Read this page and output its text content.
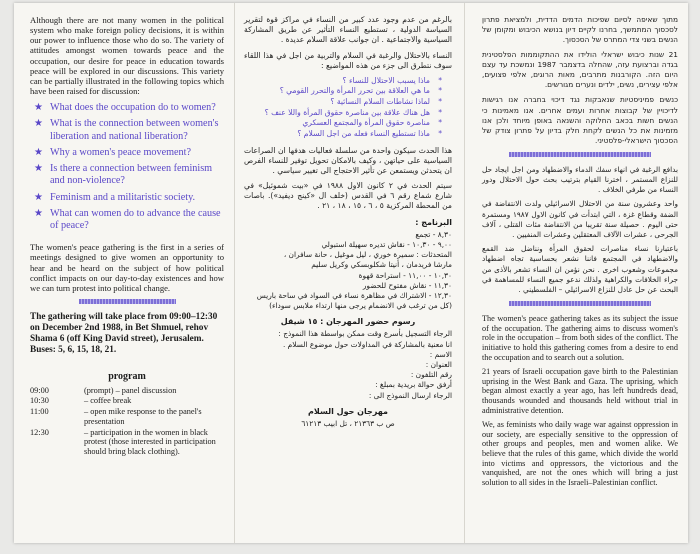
Although there are not many women in the political system who make foreign policy decisions, it is within our power to influence those who do so. The variety of attitudes amongst women towards peace and the occupation, our desire for peace in education towards peace will be explored in our discussions. This variety can be partially illustrated in the following topics which have been raised for discussion:

★ What does the occupation do to women?
★ What is the connection between women's liberation and national liberation?
★ Why a women's peace movement?
★ Is there a connection between feminism and non-violence?
★ Feminism and a militaristic society.
★ What can women do to advance the cause of peace?

The women's peace gathering is the first in a series of meetings designed to give women an opportunity to hear and be heard on the subject of how political conflict impacts on our day-to-day existences and how we can turn protest into political change.

The gathering will take place from 09:00–12:30 on December 2nd 1988, in Bet Shmuel, rehov Shama 6 (off King David street), Jerusalem. Buses: 5, 6, 15, 18, 21.

program
09:00	(prompt) – panel discussion
10:30	– coffee break
11:00	– open mike response to the panel's presentation
12:30	– participation in the women in black protest (those interested in participation should bring black clothing).

بالرغم من عدم وجود عدد كبير من النساء في مراكز قوة لتقرير السياسة الدولية ، تستطيع النساء التأثير عن طريق المشاركة السياسية والاجتماعية . ان جوانب علاقة السلام عديدة .

النساء بالاحتلال والرغبة في السلام والتربية من اجل في هذا اللقاء سوف نتطرق الى جزء من هذه المواضيع :

* ماذا يسبب الاحتلال للنساء ؟
* ما هي العلاقة بين تحرر المرأة والتحرر القومي ؟
* لماذا نشاطات السلام النسائية ؟
* هل هناك علاقة بين مناصرة حقوق المرأة واللا عنف ؟
* مناصرة حقوق المرأة والمجتمع العسكري
* ماذا تستطيع النساء فعله من اجل السلام ؟

هذا الحدث سيكون واحدة من سلسلة فعاليات هدفها ان الصراعات السياسية على حياتهن ، وكيف بالامكان تحويل توفير للنساء الفرص ان يتحدثن ويستمعن عن تأثير الاحتجاج الى تغيير سياسي .

سيتم الحدث في ٢ كانون الاول ١٩٨٨ في «بيت شموئيل» في شارع شماع رقم ٦ في القدس (خلف ال «كينج ديفيد»). باصات من المحطة المركزية ٥ ، ٦ ، ١٥ ، ١٨ ، ٢١ .

البرنامج :
٨,٣٠ - تجمع
٩,٠٠ - ١٠,٣٠ - نقاش تديره سهيلة استبولي
المتحدثات : سميرة خوري ، ليل موغيل ، حانة سافران ،
مارشا فريدمان ، أنيتا شكلوبسكي وكريل سليم
١٠,٣٠ - ١١,٠٠ - استراحة قهوة
١١,٣٠ - نقاش مفتوح للحضور
١٢,٣٠ - الاشتراك في مظاهرة نساء في السواد في ساحة باريس (كل من ترغب في الانضمام يرجى منها ارتداء ملابس سوداء)
رسوم حضور المهرجان : ١٥ شيقل
الرجاء التسجيل بأسرع وقت ممكن بواسطة هذا النموذج :
انا معنية بالمشاركة في المداولات حول موضوع السلام .
الاسم :
العنوان :
رقم التلفون :
أرفق حوالة بريدية بمبلغ :
الرجاء ارسال النموذج الى :
مهرجان حول السلام
ص ب ٢١٣٦٣ ، تل ابيب ٦١٢١٣

מתוך שאיפה לסיום שפיכות הדמים הדדית, ולמציאת פתרון לסכסוך המתמשך, בחרנו לקיים דיון בנושא הכיבוש ומקומן של הנשים בשני צדי המתרס של הסכסוך.

21 שנות כיבוש ישראלי הולידו את ההתקוממות הפלסטינית בגדה וברצועת עזה, שהחלה בדצמבר 1987 ונמשכת עד עצם היום הזה. הקורבנות מתרבים, מאות הרוגים, אלפי פצועים, אלפי עצירים, נשים, ילדים ונערים מגורשים.

כנשים פמיניסטיות שנאבקות נגד דיכוי בחברה אנו רגישות לדיכויין של קבוצות אחרות ועמים אחרים. אנו מאמינות כי הנשים חשות בכאב החלוקה והשנאה באופן מיוחד ולכן אנו מזמינות את כל הנשים לקחת חלק בדיון על פתרון צודק של הסכסוך הישראלי-פלסטיני.

بدافع الرغبة في انهاء سفك الدماء والاضطهاد ومن اجل ايجاد حل للنزاع المستمر ، اخترنا القيام بترتيب بحث حول الاحتلال ودور النساء من طرفي الخلاف .

واحد وعشرون سنة من الاحتلال الاسرائيلي ولدت الانتفاضة في الضفة وقطاع غزة ، التي ابتدأت في كانون الاول ١٩٨٧ ومستمرة حتى اليوم . حصيلة سنة تقريبا من الانتفاضة مئات القتلى ، آلاف الجرحى ، عشرات الآلاف المعتقلين وعشرات المنفيين .

باعتبارنا نساء مناصرات لحقوق المرأة ونناضل ضد القمع والاضطهاد في المجتمع فاننا نشعر بحساسية تجاه اضطهاد مجموعات وشعوب اخرى . نحن نؤمن ان النساء تشعر بالأذى من جراء الخلافات والكراهية ولذلك ندعو جميع النساء للمساهمة في البحث عن حل عادل للنزاع الاسرائيلي – الفلسطيني .

The women's peace gathering takes as its subject the issue of the occupation. The gathering aims to discuss women's role in the occupation – from both sides of the conflict. The initiative to hold this gathering comes from a desire to end the occupation and to search out a solution.

21 years of Israeli occupation gave birth to the Palestinian uprising in the West Bank and Gaza. The uprising, which began almost exactly a year ago, has left hundreds dead, thousands wounded and thousands held without trial in administrative detention.

We, as feminists who daily wage war against oppression in our society, are especially sensitive to the oppression of other groups and peoples, men and women alike. We believe that the rules of this game, which divide the world into victims and oppressors, the victorious and the vanquished, are not the ones which will bring a just solution to all sides in the Israeli–Palestinian conflict.
